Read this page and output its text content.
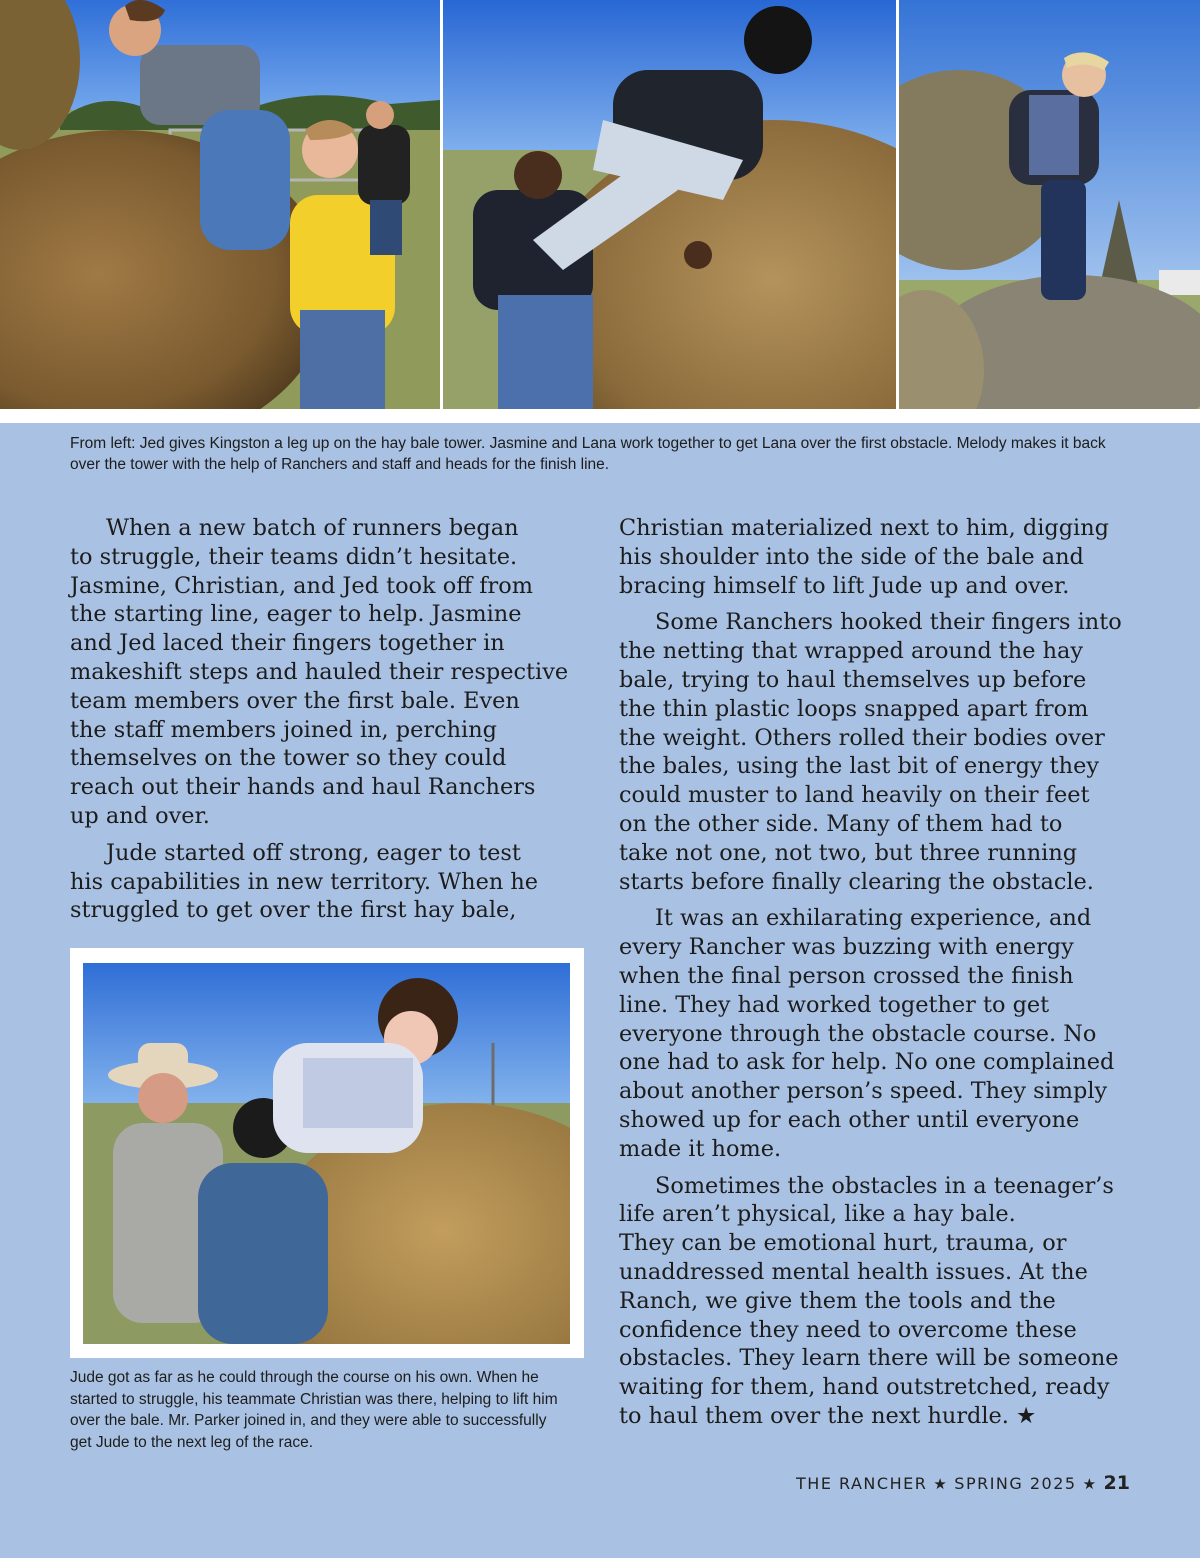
From left: Jed gives Kingston a leg up on the hay bale tower. Jasmine and Lana work together to get Lana over the first obstacle. Melody makes it back over the tower with the help of Ranchers and staff and heads for the finish line.

When a new batch of runners began
to struggle, their teams didn’t hesitate.
Jasmine, Christian, and Jed took off from
the starting line, eager to help. Jasmine
and Jed laced their fingers together in
makeshift steps and hauled their respective
team members over the first bale. Even
the staff members joined in, perching
themselves on the tower so they could
reach out their hands and haul Ranchers
up and over.

Jude started off strong, eager to test
his capabilities in new territory. When he
struggled to get over the first hay bale,

Christian materialized next to him, digging
his shoulder into the side of the bale and
bracing himself to lift Jude up and over.

Some Ranchers hooked their fingers into
the netting that wrapped around the hay
bale, trying to haul themselves up before
the thin plastic loops snapped apart from
the weight. Others rolled their bodies over
the bales, using the last bit of energy they
could muster to land heavily on their feet
on the other side. Many of them had to
take not one, not two, but three running
starts before finally clearing the obstacle.

It was an exhilarating experience, and
every Rancher was buzzing with energy
when the final person crossed the finish
line. They had worked together to get
everyone through the obstacle course. No
one had to ask for help. No one complained
about another person’s speed. They simply
showed up for each other until everyone
made it home.

Sometimes the obstacles in a teenager’s
life aren’t physical, like a hay bale.
They can be emotional hurt, trauma, or
unaddressed mental health issues. At the
Ranch, we give them the tools and the
confidence they need to overcome these
obstacles. They learn there will be someone
waiting for them, hand outstretched, ready
to haul them over the next hurdle. ★

Jude got as far as he could through the course on his own. When he started to struggle, his teammate Christian was there, helping to lift him over the bale. Mr. Parker joined in, and they were able to successfully get Jude to the next leg of the race.
THE RANCHER ★ SPRING 2025 ★ 21
